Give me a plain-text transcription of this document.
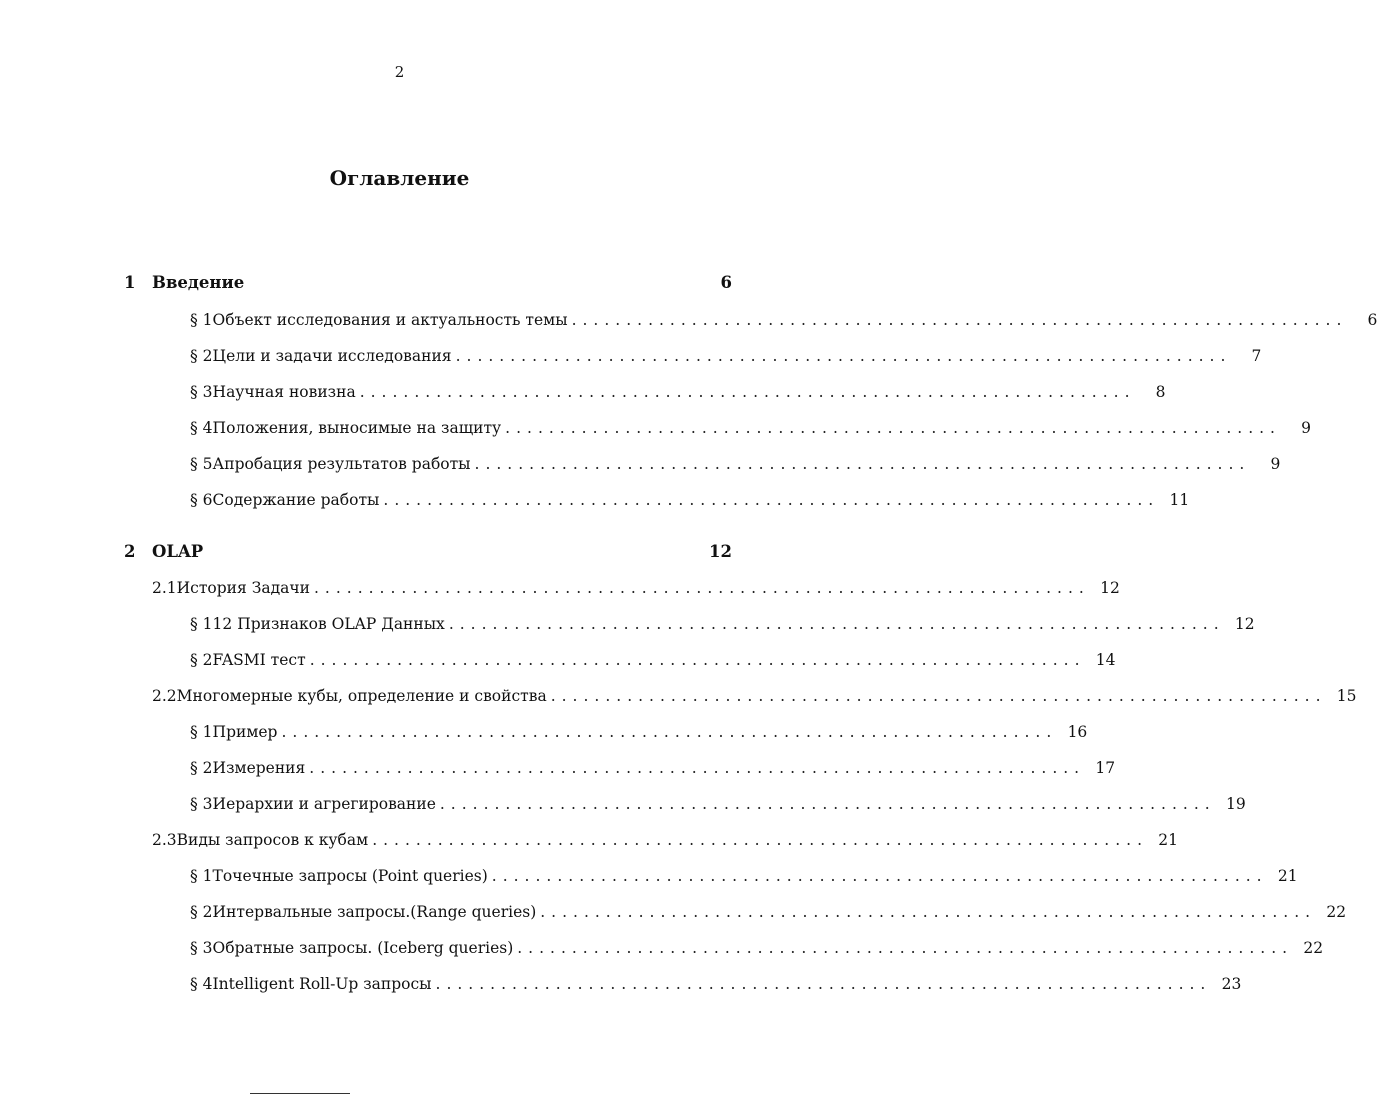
2
Оглавление
1	Введение	6
§ 1 Объект исследования и актуальность темы .......................................................................	6
§ 2 Цели и задачи исследования .......................................................................	7
§ 3 Научная новизна .......................................................................	8
§ 4 Положения, выносимые на защиту .......................................................................	9
§ 5 Апробация результатов работы .......................................................................	9
§ 6 Содержание работы ....................................................................... 11
2	OLAP	12
2.1 История Задачи ....................................................................... 12
§ 1 12 Признаков OLAP Данных ....................................................................... 12
§ 2 FASMI тест ....................................................................... 14
2.2 Многомерные кубы, определение и свойства ....................................................................... 15
§ 1 Пример ....................................................................... 16
§ 2 Измерения ....................................................................... 17
§ 3 Иерархии и агрегирование ....................................................................... 19
2.3 Виды запросов к кубам ....................................................................... 21
§ 1 Точечные запросы (Point queries) ....................................................................... 21
§ 2 Интервальные запросы.(Range queries) ....................................................................... 22
§ 3 Обратные запросы. (Iceberg queries) ....................................................................... 22
§ 4 Intelligent Roll-Up запросы ....................................................................... 23
